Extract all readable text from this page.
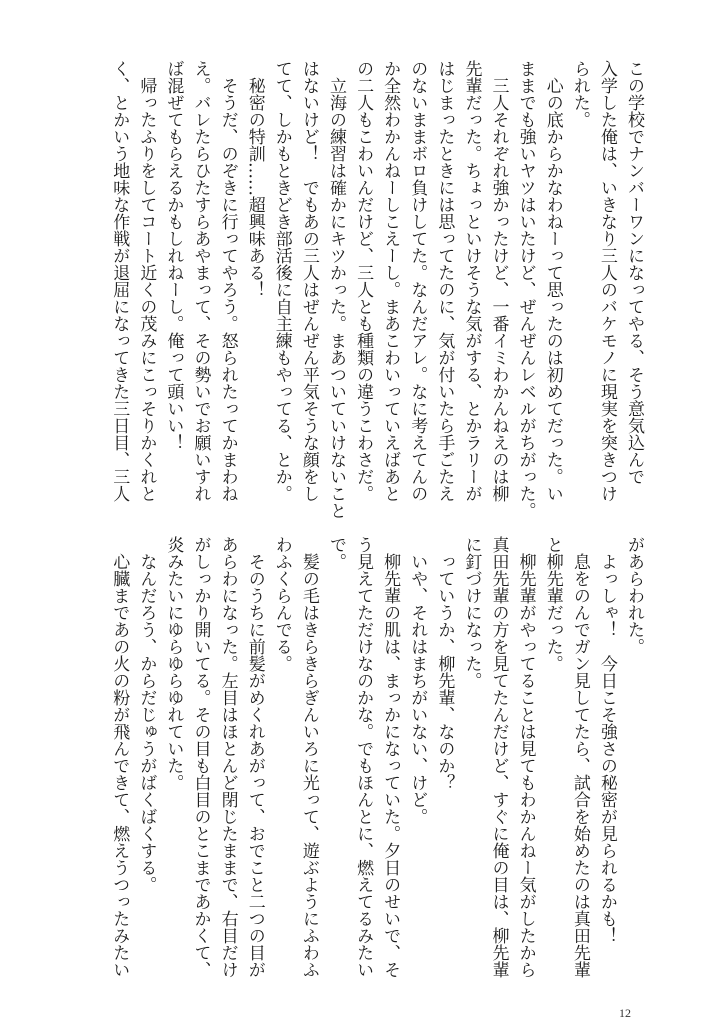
この学校でナンバーワンになってやる、そう意気込んで
入学した俺は、いきなり三人のバケモノに現実を突きつけ
られた。
　心の底からかなわねーって思ったのは初めてだった。い
ままでも強いヤツはいたけど、ぜんぜんレベルがちがった。
　三人それぞれ強かったけど、一番イミわかんねえのは柳
先輩だった。ちょっといけそうな気がする、とかラリーが
はじまったときには思ってたのに、気が付いたら手ごたえ
のないままボロ負けしてた。なんだアレ。なに考えてんの
か全然わかんねーしこえーし。まあこわいっていえばあと
の二人もこわいんだけど、三人とも種類の違うこわさだ。
　立海の練習は確かにキツかった。まあついていけないこと
はないけど！　でもあの三人はぜんぜん平気そうな顔をし
てて、しかもときどき部活後に自主練もやってる、とか。
　秘密の特訓……超興味ある！
　そうだ、のぞきに行ってやろう。怒られたってかまわね
え。バレたらひたすらあやまって、その勢いでお願いすれ
ば混ぜてもらえるかもしれねーし。俺って頭いい！
　帰ったふりをしてコート近くの茂みにこっそりかくれと
く、とかいう地味な作戦が退屈になってきた三日目、三人
があらわれた。
　よっしゃ！　今日こそ強さの秘密が見られるかも！
　息をのんでガン見してたら、試合を始めたのは真田先輩
と柳先輩だった。
　柳先輩がやってることは見てもわかんねー気がしたから
真田先輩の方を見てたんだけど、すぐに俺の目は、柳先輩
に釘づけになった。
　っていうか、柳先輩、なのか？
　いや、それはまちがいない、けど。
　柳先輩の肌は、まっかになっていた。夕日のせいで、そ
う見えてただけなのかな。でもほんとに、燃えてるみたい
で。
　髪の毛はきらきらぎんいろに光って、遊ぶようにふわふ
わふくらんでる。
　そのうちに前髪がめくれあがって、おでこと二つの目が
あらわになった。左目はほとんど閉じたままで、右目だけ
がしっかり開いてる。その目も白目のとこまであかくて、
炎みたいにゆらゆらゆれていた。
　なんだろう、からだじゅうがばくばくする。
　心臓まであの火の粉が飛んできて、燃えうつったみたい
12
